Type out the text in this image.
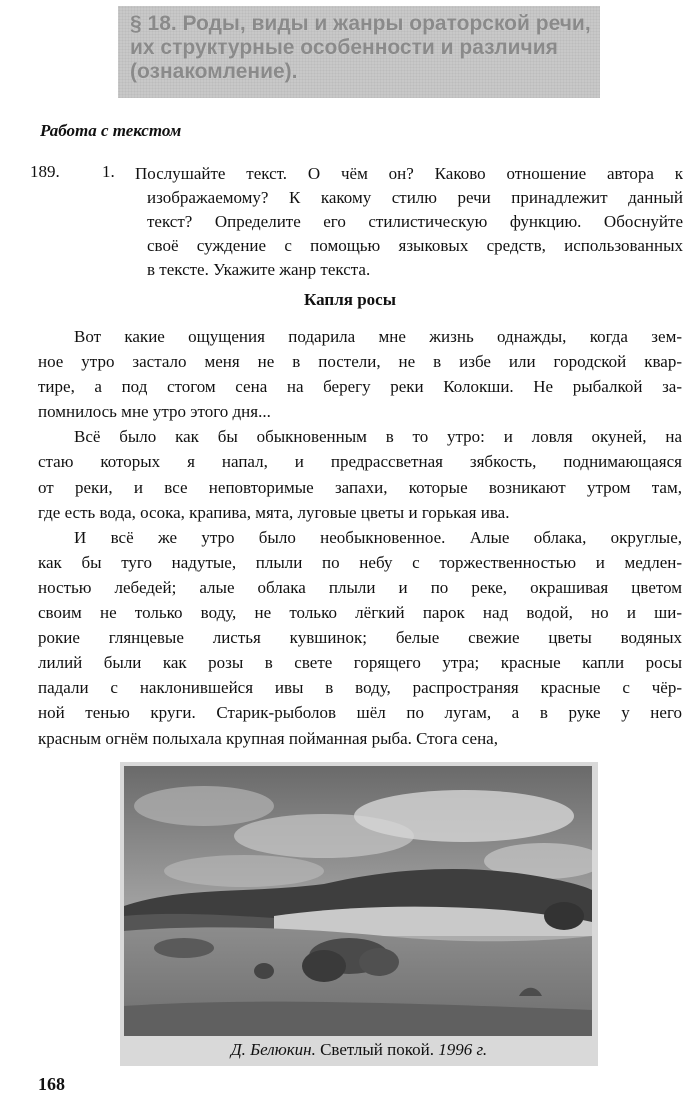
§ 18. Роды, виды и жанры ораторской речи,
их структурные особенности и различия
(ознакомление).
Работа с текстом
189. 1. Послушайте текст. О чём он? Каково отношение автора к
изображаемому? К какому стилю речи принадлежит данный
текст? Определите его стилистическую функцию. Обоснуйте
своё суждение с помощью языковых средств, использованных
в тексте. Укажите жанр текста.
Капля росы
Вот какие ощущения подарила мне жизнь однажды, когда зем-
ное утро застало меня не в постели, не в избе или городской квар-
тире, а под стогом сена на берегу реки Колокши. Не рыбалкой за-
помнилось мне утро этого дня...
Всё было как бы обыкновенным в то утро: и ловля окуней, на
стаю которых я напал, и предрассветная зябкость, поднимающаяся
от реки, и все неповторимые запахи, которые возникают утром там,
где есть вода, осока, крапива, мята, луговые цветы и горькая ива.
И всё же утро было необыкновенное. Алые облака, округлые,
как бы туго надутые, плыли по небу с торжественностью и медлен-
ностью лебедей; алые облака плыли и по реке, окрашивая цветом
своим не только воду, не только лёгкий парок над водой, но и ши-
рокие глянцевые листья кувшинок; белые свежие цветы водяных
лилий были как розы в свете горящего утра; красные капли росы
падали с наклонившейся ивы в воду, распространяя красные с чёр-
ной тенью круги. Старик-рыболов шёл по лугам, а в руке у него
красным огнём полыхала крупная пойманная рыба. Стога сена,
Д. Белюкин. Светлый покой. 1996 г.
168
